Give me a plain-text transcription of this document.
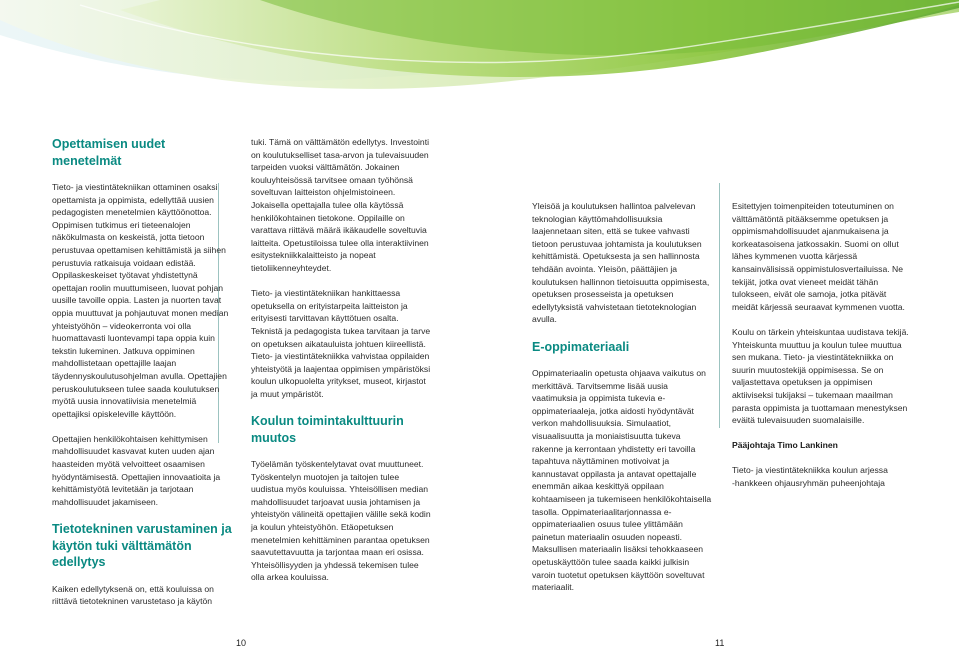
Opettamisen uudet menetelmät

Tieto- ja viestintätekniikan ottaminen osaksi opettamista ja oppimista, edellyttää uusien pedagogisten menetelmien käyttöönottoa. Oppimisen tutkimus eri tieteenalojen näkökulmasta on keskeistä, jotta tietoon perustuvaa opettamisen kehittämistä ja siihen perustuvia ratkaisuja voidaan edistää. Oppilaskeskeiset työtavat yhdistettynä opettajan roolin muuttumiseen, luovat pohjan uusille tavoille oppia. Lasten ja nuorten tavat oppia muuttuvat ja pohjautuvat monen median yhteistyöhön – videokerronta voi olla huomattavasti luontevampi tapa oppia kuin tekstin lukeminen. Jatkuva oppiminen mahdollistetaan opettajille laajan täydennyskoulutusohjelman avulla. Opettajien peruskoulutukseen tulee saada koulutuksen myötä uusia innovatiivisia menetelmiä opettajiksi opiskeleville käyttöön.

Opettajien henkilökohtaisen kehittymisen mahdollisuudet kasvavat kuten uuden ajan haasteiden myötä velvoitteet osaamisen hyödyntämisestä. Opettajien innovaatioita ja kehittämistyötä levitetään ja tarjotaan mahdollisuudet jakamiseen.

Tietotekninen varustaminen ja käytön tuki välttämätön edellytys

Kaiken edellytyksenä on, että kouluissa on riittävä tietotekninen varustetaso ja käytön

tuki. Tämä on välttämätön edellytys. Investointi on koulutukselliset tasa-arvon ja tulevaisuuden tarpeiden vuoksi välttämätön. Jokainen kouluyhteisössä tarvitsee omaan työhönsä soveltuvan laitteiston ohjelmistoineen. Jokaisella opettajalla tulee olla käytössä henkilökohtainen tietokone. Oppilaille on varattava riittävä määrä ikäkaudelle soveltuvia laitteita. Opetustiloissa tulee olla interaktiivinen esitystekniikkalaitteisto ja nopeat tietoliikenneyhteydet.

Tieto- ja viestintätekniikan hankittaessa opetuksella on erityistarpeita laitteiston ja erityisesti tarvittavan käyttötuen osalta. Teknistä ja pedagogista tukea tarvitaan ja tarve on opetuksen aikatauluista johtuen kiireellistä. Tieto- ja viestintätekniikka vahvistaa oppilaiden yhteistyötä ja laajentaa oppimisen ympäristöksi koulun ulkopuolelta yritykset, museot, kirjastot ja muut ympäristöt.

Koulun toimintakulttuurin muutos

Työelämän työskentelytavat ovat muuttuneet. Työskentelyn muotojen ja taitojen tulee uudistua myös kouluissa. Yhteisöllisen median mahdollisuudet tarjoavat uusia johtamisen ja yhteistyön välineitä opettajien välille sekä kodin ja koulun yhteistyöhön. Etäopetuksen menetelmien kehittäminen parantaa opetuksen saavutettavuutta ja tarjontaa maan eri osissa. Yhteisöllisyyden ja yhdessä tekemisen tulee olla arkea kouluissa.

Yleisöä ja koulutuksen hallintoa palvelevan teknologian käyttömahdollisuuksia laajennetaan siten, että se tukee vahvasti tietoon perustuvaa johtamista ja koulutuksen kehittämistä. Opetuksesta ja sen hallinnosta tehdään avointa. Yleisön, päättäjien ja koulutuksen hallinnon tietoisuutta oppimisesta, opetuksen prosesseista ja opetuksen edellytyksistä vahvistetaan tietoteknologian avulla.

E-oppimateriaali

Oppimateriaalin opetusta ohjaava vaikutus on merkittävä. Tarvitsemme lisää uusia vaatimuksia ja oppimista tukevia e-oppimateriaaleja, jotka aidosti hyödyntävät verkon mahdollisuuksia. Simulaatiot, visuaalisuutta ja moniaistisuutta tukeva rakenne ja kerrontaan yhdistetty eri tavoilla tapahtuva näyttäminen motivoivat ja kannustavat oppilasta ja antavat opettajalle enemmän aikaa keskittyä oppilaan kohtaamiseen ja tukemiseen henkilökohtaisella tasolla. Oppimateriaalitarjonnassa e-oppimateriaalien osuus tulee ylittämään painetun materiaalin osuuden nopeasti. Maksullisen materiaalin lisäksi tehokkaaseen opetuskäyttöön tulee saada kaikki julkisin varoin tuotetut opetuksen käyttöön soveltuvat materiaalit.

Esitettyjen toimenpiteiden toteutuminen on välttämätöntä pitääksemme opetuksen ja oppimismahdollisuudet ajanmukaisena ja korkeatasoisena jatkossakin. Suomi on ollut lähes kymmenen vuotta kärjessä kansainvälisissä oppimistulosvertailuissa. Ne tekijät, jotka ovat vieneet meidät tähän tulokseen, eivät ole samoja, jotka pitävät meidät kärjessä seuraavat kymmenen vuotta.

Koulu on tärkein yhteiskuntaa uudistava tekijä. Yhteiskunta muuttuu ja koulun tulee muuttua sen mukana. Tieto- ja viestintätekniikka on suurin muutostekijä oppimisessa. Se on valjastettava opetuksen ja oppimisen aktiiviseksi tukijaksi – tukemaan maailman parasta oppimista ja tuottamaan menestyksen eväitä tulevaisuuden suomalaisille.

Pääjohtaja Timo Lankinen

Tieto- ja viestintätekniikka koulun arjessa

-hankkeen ohjausryhmän puheenjohtaja

10	11
